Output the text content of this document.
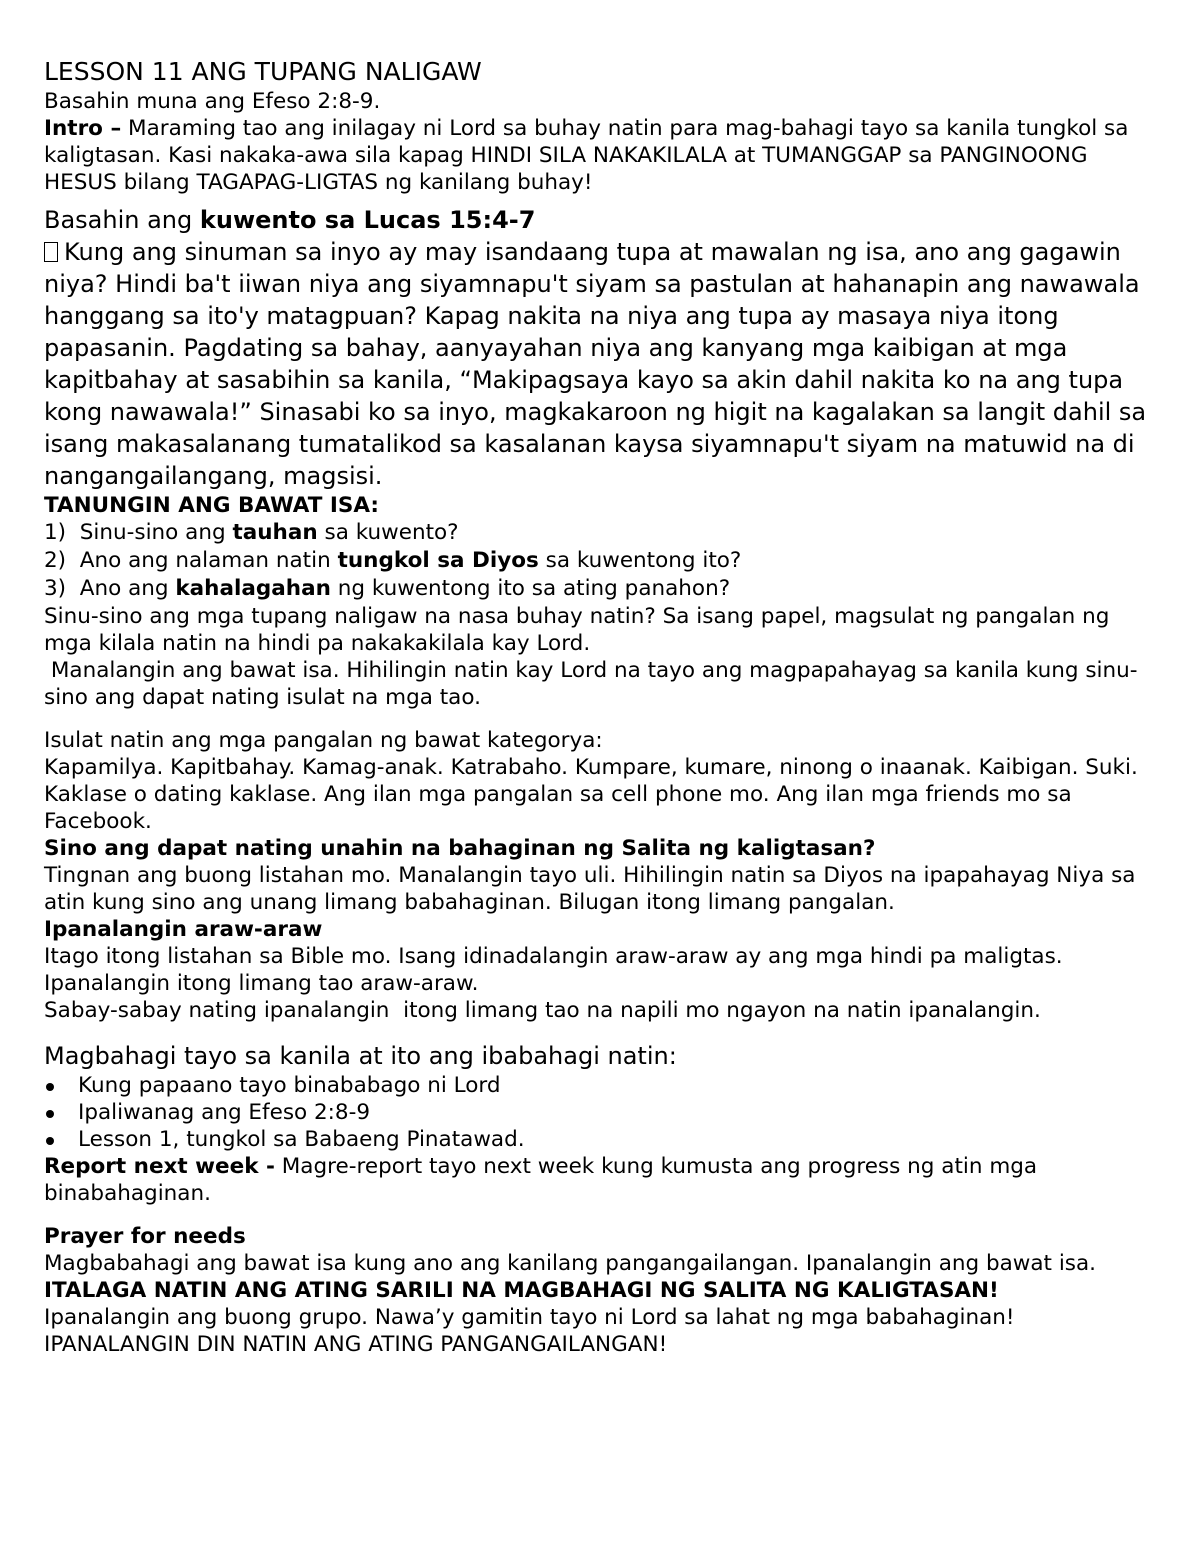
LESSON 11 ANG TUPANG NALIGAW

Basahin muna ang Efeso 2:8-9.

Intro – Maraming tao ang inilagay ni Lord sa buhay natin para mag-bahagi tayo sa kanila tungkol sa kaligtasan. Kasi nakaka-awa sila kapag HINDI SILA NAKAKILALA at TUMANGGAP sa PANGINOONG HESUS bilang TAGAPAG-LIGTAS ng kanilang buhay!

Basahin ang kuwento sa Lucas 15:4-7

Kung ang sinuman sa inyo ay may isandaang tupa at mawalan ng isa, ano ang gagawin niya? Hindi ba't iiwan niya ang siyamnapu't siyam sa pastulan at hahanapin ang nawawala hanggang sa ito'y matagpuan? Kapag nakita na niya ang tupa ay masaya niya itong papasanin. Pagdating sa bahay, aanyayahan niya ang kanyang mga kaibigan at mga kapitbahay at sasabihin sa kanila, “Makipagsaya kayo sa akin dahil nakita ko na ang tupa kong nawawala!” Sinasabi ko sa inyo, magkakaroon ng higit na kagalakan sa langit dahil sa isang makasalanang tumatalikod sa kasalanan kaysa siyamnapu't siyam na matuwid na di nangangailangang, magsisi.

TANUNGIN ANG BAWAT ISA:

1) Sinu-sino ang tauhan sa kuwento?
2) Ano ang nalaman natin tungkol sa Diyos sa kuwentong ito?
3) Ano ang kahalagahan ng kuwentong ito sa ating panahon?

Sinu-sino ang mga tupang naligaw na nasa buhay natin? Sa isang papel, magsulat ng pangalan ng mga kilala natin na hindi pa nakakakilala kay Lord.

Manalangin ang bawat isa. Hihilingin natin kay Lord na tayo ang magpapahayag sa kanila kung sinu-sino ang dapat nating isulat na mga tao.

Isulat natin ang mga pangalan ng bawat kategorya:

Kapamilya. Kapitbahay. Kamag-anak. Katrabaho. Kumpare, kumare, ninong o inaanak. Kaibigan. Suki. Kaklase o dating kaklase. Ang ilan mga pangalan sa cell phone mo. Ang ilan mga friends mo sa Facebook.

Sino ang dapat nating unahin na bahaginan ng Salita ng kaligtasan?

Tingnan ang buong listahan mo. Manalangin tayo uli. Hihilingin natin sa Diyos na ipapahayag Niya sa atin kung sino ang unang limang babahaginan. Bilugan itong limang pangalan.

Ipanalangin araw-araw

Itago itong listahan sa Bible mo. Isang idinadalangin araw-araw ay ang mga hindi pa maligtas. Ipanalangin itong limang tao araw-araw.

Sabay-sabay nating ipanalangin  itong limang tao na napili mo ngayon na natin ipanalangin.

Magbahagi tayo sa kanila at ito ang ibabahagi natin:

Kung papaano tayo binababago ni Lord
Ipaliwanag ang Efeso 2:8-9
Lesson 1, tungkol sa Babaeng Pinatawad.

Report next week - Magre-report tayo next week kung kumusta ang progress ng atin mga binabahaginan.

Prayer for needs

Magbabahagi ang bawat isa kung ano ang kanilang pangangailangan. Ipanalangin ang bawat isa.

ITALAGA NATIN ANG ATING SARILI NA MAGBAHAGI NG SALITA NG KALIGTASAN!

Ipanalangin ang buong grupo. Nawa’y gamitin tayo ni Lord sa lahat ng mga babahaginan!

IPANALANGIN DIN NATIN ANG ATING PANGANGAILANGAN!
